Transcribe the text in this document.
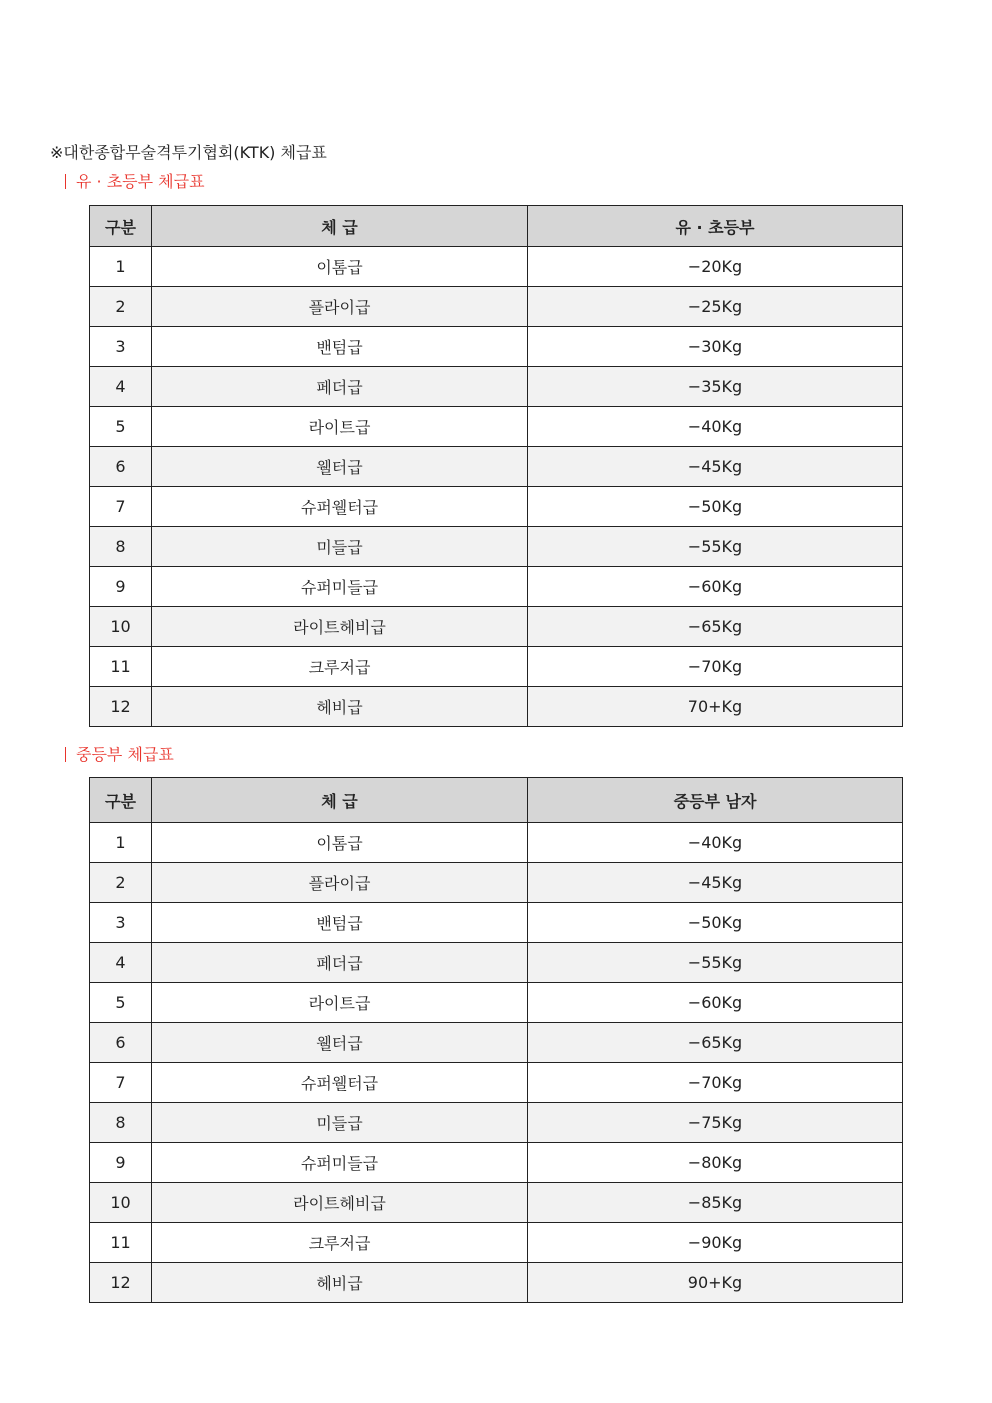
※대한종합무술격투기협회(KTK) 체급표
유 · 초등부 체급표
구분	체 급	유 · 초등부
1	이톰급	−20Kg
2	플라이급	−25Kg
3	밴텀급	−30Kg
4	페더급	−35Kg
5	라이트급	−40Kg
6	웰터급	−45Kg
7	슈퍼웰터급	−50Kg
8	미들급	−55Kg
9	슈퍼미들급	−60Kg
10	라이트헤비급	−65Kg
11	크루저급	−70Kg
12	헤비급	70+Kg
중등부 체급표
구분	체 급	중등부 남자
1	이톰급	−40Kg
2	플라이급	−45Kg
3	밴텀급	−50Kg
4	페더급	−55Kg
5	라이트급	−60Kg
6	웰터급	−65Kg
7	슈퍼웰터급	−70Kg
8	미들급	−75Kg
9	슈퍼미들급	−80Kg
10	라이트헤비급	−85Kg
11	크루저급	−90Kg
12	헤비급	90+Kg
